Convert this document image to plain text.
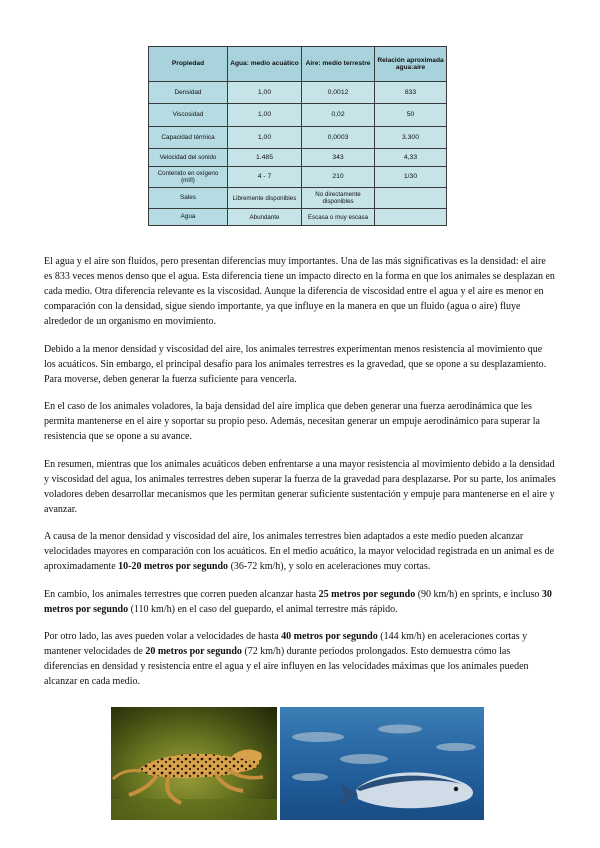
Propiedad	Agua: medio acuático	Aire: medio terrestre	Relación aproximada agua:aire
Densidad	1,00	0,0012	833
Viscosidad	1,00	0,02	50
Capacidad térmica	1,00	0,0003	3.300
Velocidad del sonido	1.485	343	4,33
Contenido en oxígeno (ml/l)	4 - 7	210	1/30
Sales	Libremente disponibles	No directamente disponibles	
Agua	Abundante	Escasa o muy escasa	

El agua y el aire son fluidos, pero presentan diferencias muy importantes. Una de las más significativas es la densidad: el aire es 833 veces menos denso que el agua. Esta diferencia tiene un impacto directo en la forma en que los animales se desplazan en cada medio. Otra diferencia relevante es la viscosidad. Aunque la diferencia de viscosidad entre el agua y el aire es menor en comparación con la densidad, sigue siendo importante, ya que influye en la manera en que un fluido (agua o aire) fluye alrededor de un organismo en movimiento.

Debido a la menor densidad y viscosidad del aire, los animales terrestres experimentan menos resistencia al movimiento que los acuáticos. Sin embargo, el principal desafío para los animales terrestres es la gravedad, que se opone a su desplazamiento. Para moverse, deben generar la fuerza suficiente para vencerla.

En el caso de los animales voladores, la baja densidad del aire implica que deben generar una fuerza aerodinámica que les permita mantenerse en el aire y soportar su propio peso. Además, necesitan generar un empuje aerodinámico para superar la resistencia que se opone a su avance.

En resumen, mientras que los animales acuáticos deben enfrentarse a una mayor resistencia al movimiento debido a la densidad y viscosidad del agua, los animales terrestres deben superar la fuerza de la gravedad para desplazarse. Por su parte, los animales voladores deben desarrollar mecanismos que les permitan generar suficiente sustentación y empuje para mantenerse en el aire y avanzar.

A causa de la menor densidad y viscosidad del aire, los animales terrestres bien adaptados a este medio pueden alcanzar velocidades mayores en comparación con los acuáticos. En el medio acuático, la mayor velocidad registrada en un animal es de aproximadamente 10-20 metros por segundo (36-72 km/h), y solo en aceleraciones muy cortas.

En cambio, los animales terrestres que corren pueden alcanzar hasta 25 metros por segundo (90 km/h) en sprints, e incluso 30 metros por segundo (110 km/h) en el caso del guepardo, el animal terrestre más rápido.

Por otro lado, las aves pueden volar a velocidades de hasta 40 metros por segundo (144 km/h) en aceleraciones cortas y mantener velocidades de 20 metros por segundo (72 km/h) durante periodos prolongados. Esto demuestra cómo las diferencias en densidad y resistencia entre el agua y el aire influyen en las velocidades máximas que los animales pueden alcanzar en cada medio.
